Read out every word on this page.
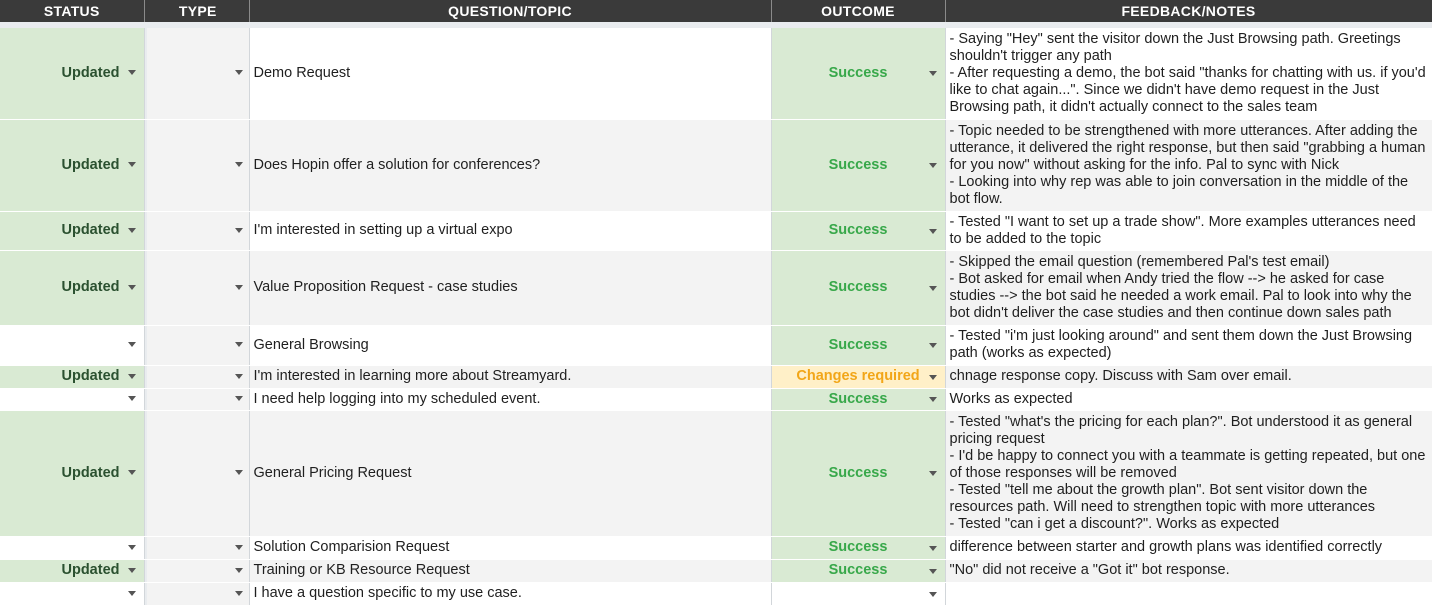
STATUS		TYPE	QUESTION/TOPIC	OUTCOME	FEEDBACK/NOTES

Updated			Demo Request	Success	- Saying "Hey" sent the visitor down the Just Browsing path. Greetings shouldn't trigger any path
- After requesting a demo, the bot said "thanks for chatting with us. if you'd like to chat again...". Since we didn't have demo request in the Just Browsing path, it didn't actually connect to the sales team

Updated			Does Hopin offer a solution for conferences?	Success	- Topic needed to be strengthened with more utterances. After adding the utterance, it delivered the right response, but then said "grabbing a human for you now" without asking for the info. Pal to sync with Nick
- Looking into why rep was able to join conversation in the middle of the bot flow.

Updated			I'm interested in setting up a virtual expo	Success	- Tested "I want to set up a trade show". More examples utterances need to be added to the topic

Updated			Value Proposition Request - case studies	Success	- Skipped the email question (remembered Pal's test email)
- Bot asked for email when Andy tried the flow --> he asked for case studies --> the bot said he needed a work email. Pal to look into why the bot didn't deliver the case studies and then continue down sales path

			General Browsing	Success	- Tested "i'm just looking around" and sent them down the Just Browsing path (works as expected)

Updated			I'm interested in learning more about Streamyard.	Changes required	chnage response copy. Discuss with Sam over email.

			I need help logging into my scheduled event.	Success	Works as expected

Updated			General Pricing Request	Success	- Tested "what's the pricing for each plan?". Bot understood it as general pricing request
- I'd be happy to connect you with a teammate is getting repeated, but one of those responses will be removed
- Tested "tell me about the growth plan". Bot sent visitor down the resources path. Will need to strengthen topic with more utterances
- Tested "can i get a discount?". Works as expected

			Solution Comparision Request	Success	difference between starter and growth plans was identified correctly

Updated			Training or KB Resource Request	Success	"No" did not receive a "Got it" bot response.

			I have a question specific to my use case.	
